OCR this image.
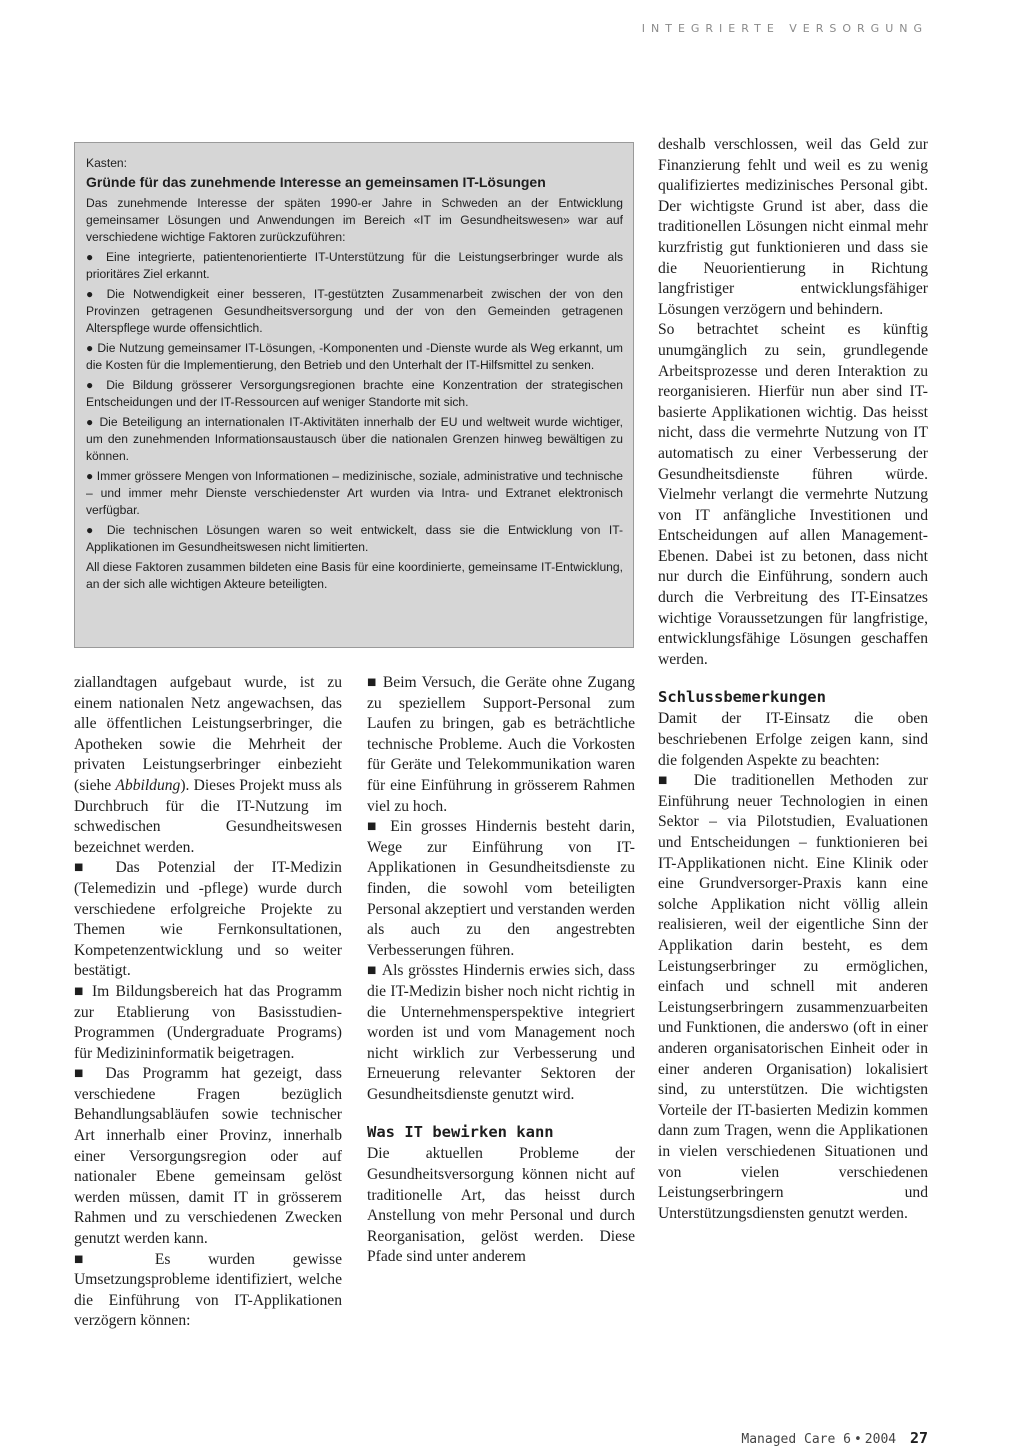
INTEGRIERTE VERSORGUNG

Kasten:

Gründe für das zunehmende Interesse an gemeinsamen IT-Lösungen

Das zunehmende Interesse der späten 1990-er Jahre in Schweden an der Entwicklung gemeinsamer Lösungen und Anwendungen im Bereich «IT im Gesundheitswesen» war auf verschiedene wichtige Faktoren zurückzuführen:

● Eine integrierte, patientenorientierte IT-Unterstützung für die Leistungserbringer wurde als prioritäres Ziel erkannt.

● Die Notwendigkeit einer besseren, IT-gestützten Zusammenarbeit zwischen der von den Provinzen getragenen Gesundheitsversorgung und der von den Gemeinden getragenen Alterspflege wurde offensichtlich.

● Die Nutzung gemeinsamer IT-Lösungen, -Komponenten und -Dienste wurde als Weg erkannt, um die Kosten für die Implementierung, den Betrieb und den Unterhalt der IT-Hilfsmittel zu senken.

● Die Bildung grösserer Versorgungsregionen brachte eine Konzentration der strategischen Entscheidungen und der IT-Ressourcen auf weniger Standorte mit sich.

● Die Beteiligung an internationalen IT-Aktivitäten innerhalb der EU und weltweit wurde wichtiger, um den zunehmenden Informationsaustausch über die nationalen Grenzen hinweg bewältigen zu können.

● Immer grössere Mengen von Informationen – medizinische, soziale, administrative und technische – und immer mehr Dienste verschiedenster Art wurden via Intra- und Extranet elektronisch verfügbar.

● Die technischen Lösungen waren so weit entwickelt, dass sie die Entwicklung von IT-Applikationen im Gesundheitswesen nicht limitierten.

All diese Faktoren zusammen bildeten eine Basis für eine koordinierte, gemeinsame IT-Entwicklung, an der sich alle wichtigen Akteure beteiligten.

ziallandtagen aufgebaut wurde, ist zu einem nationalen Netz angewachsen, das alle öffentlichen Leistungserbringer, die Apotheken sowie die Mehrheit der privaten Leistungserbringer einbezieht (siehe Abbildung). Dieses Projekt muss als Durchbruch für die IT-Nutzung im schwedischen Gesundheitswesen bezeichnet werden.

■ Das Potenzial der IT-Medizin (Telemedizin und -pflege) wurde durch verschiedene erfolgreiche Projekte zu Themen wie Fernkonsultationen, Kompetenzentwicklung und so weiter bestätigt.

■ Im Bildungsbereich hat das Programm zur Etablierung von Basisstudien-Programmen (Undergraduate Programs) für Medizininformatik beigetragen.

■ Das Programm hat gezeigt, dass verschiedene Fragen bezüglich Behandlungsabläufen sowie technischer Art innerhalb einer Provinz, innerhalb einer Versorgungsregion oder auf nationaler Ebene gemeinsam gelöst werden müssen, damit IT in grösserem Rahmen und zu verschiedenen Zwecken genutzt werden kann.

■ Es wurden gewisse Umsetzungsprobleme identifiziert, welche die Einführung von IT-Applikationen verzögern können:

■ Beim Versuch, die Geräte ohne Zugang zu speziellem Support-Personal zum Laufen zu bringen, gab es beträchtliche technische Probleme. Auch die Vorkosten für Geräte und Telekommunikation waren für eine Einführung in grösserem Rahmen viel zu hoch.

■ Ein grosses Hindernis besteht darin, Wege zur Einführung von IT-Applikationen in Gesundheitsdienste zu finden, die sowohl vom beteiligten Personal akzeptiert und verstanden werden als auch zu den angestrebten Verbesserungen führen.

■ Als grösstes Hindernis erwies sich, dass die IT-Medizin bisher noch nicht richtig in die Unternehmensperspektive integriert worden ist und vom Management noch nicht wirklich zur Verbesserung und Erneuerung relevanter Sektoren der Gesundheitsdienste genutzt wird.

Was IT bewirken kann

Die aktuellen Probleme der Gesundheitsversorgung können nicht auf traditionelle Art, das heisst durch Anstellung von mehr Personal und durch Reorganisation, gelöst werden. Diese Pfade sind unter anderem

deshalb verschlossen, weil das Geld zur Finanzierung fehlt und weil es zu wenig qualifiziertes medizinisches Personal gibt. Der wichtigste Grund ist aber, dass die traditionellen Lösungen nicht einmal mehr kurzfristig gut funktionieren und dass sie die Neuorientierung in Richtung langfristiger entwicklungsfähiger Lösungen verzögern und behindern.

So betrachtet scheint es künftig unumgänglich zu sein, grundlegende Arbeitsprozesse und deren Interaktion zu reorganisieren. Hierfür nun aber sind IT-basierte Applikationen wichtig. Das heisst nicht, dass die vermehrte Nutzung von IT automatisch zu einer Verbesserung der Gesundheitsdienste führen würde. Vielmehr verlangt die vermehrte Nutzung von IT anfängliche Investitionen und Entscheidungen auf allen Management-Ebenen. Dabei ist zu betonen, dass nicht nur durch die Einführung, sondern auch durch die Verbreitung des IT-Einsatzes wichtige Voraussetzungen für langfristige, entwicklungsfähige Lösungen geschaffen werden.

Schlussbemerkungen

Damit der IT-Einsatz die oben beschriebenen Erfolge zeigen kann, sind die folgenden Aspekte zu beachten:

■ Die traditionellen Methoden zur Einführung neuer Technologien in einen Sektor – via Pilotstudien, Evaluationen und Entscheidungen – funktionieren bei IT-Applikationen nicht. Eine Klinik oder eine Grundversorger-Praxis kann eine solche Applikation nicht völlig allein realisieren, weil der eigentliche Sinn der Applikation darin besteht, es dem Leistungserbringer zu ermöglichen, einfach und schnell mit anderen Leistungserbringern zusammenzuarbeiten und Funktionen, die anderswo (oft in einer anderen organisatorischen Einheit oder in einer anderen Organisation) lokalisiert sind, zu unterstützen. Die wichtigsten Vorteile der IT-basierten Medizin kommen dann zum Tragen, wenn die Applikationen in vielen verschiedenen Situationen und von vielen verschiedenen Leistungserbringern und Unterstützungsdiensten genutzt werden.

Managed Care 6 • 2004 27
